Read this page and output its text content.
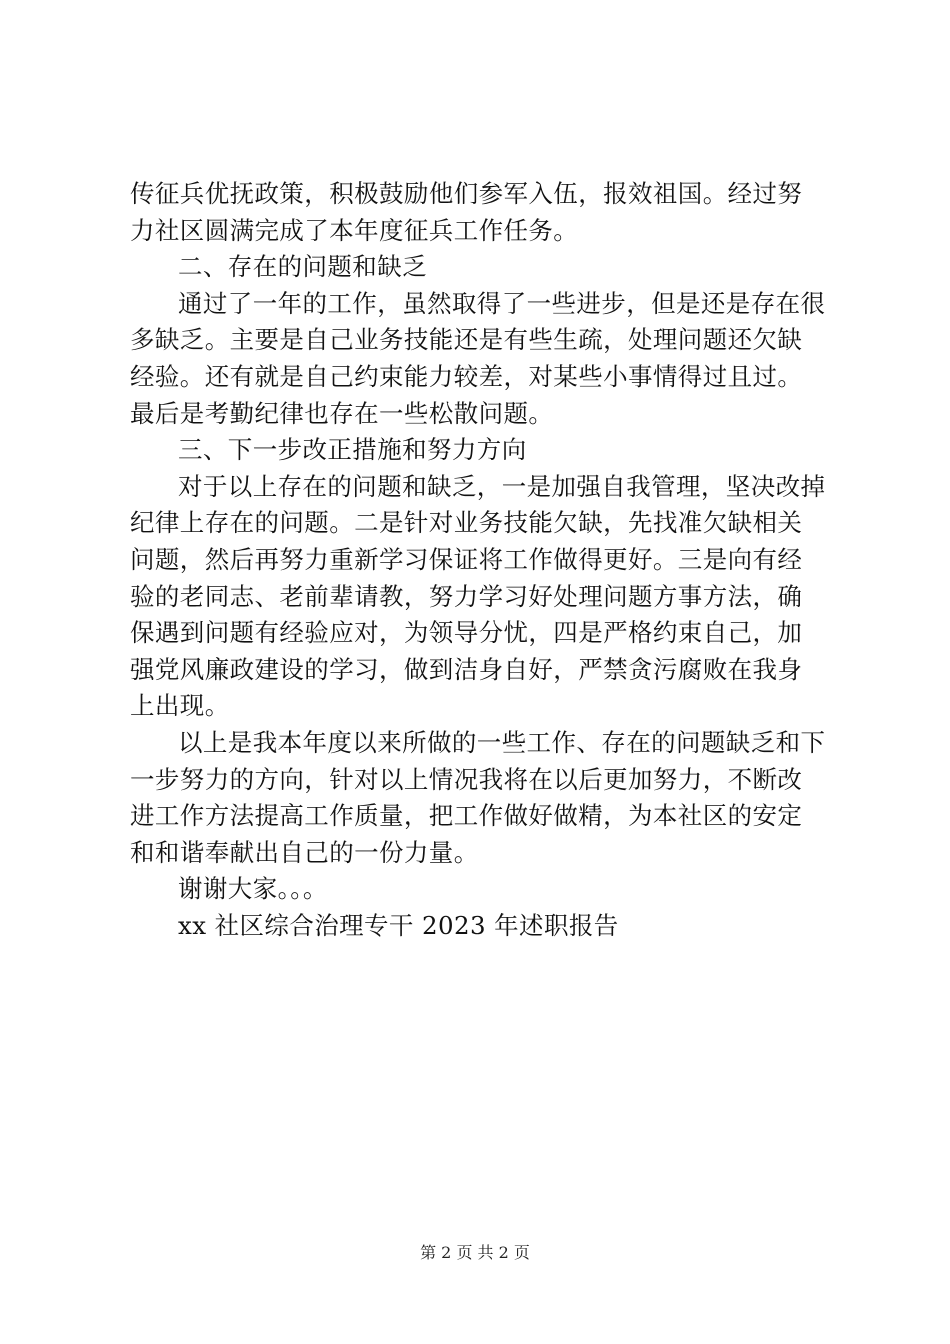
传征兵优抚政策，积极鼓励他们参军入伍，报效祖国。经过努
力社区圆满完成了本年度征兵工作任务。
二、存在的问题和缺乏
通过了一年的工作，虽然取得了一些进步，但是还是存在很
多缺乏。主要是自己业务技能还是有些生疏，处理问题还欠缺
经验。还有就是自己约束能力较差，对某些小事情得过且过。
最后是考勤纪律也存在一些松散问题。
三、下一步改正措施和努力方向
对于以上存在的问题和缺乏，一是加强自我管理，坚决改掉
纪律上存在的问题。二是针对业务技能欠缺，先找准欠缺相关
问题，然后再努力重新学习保证将工作做得更好。三是向有经
验的老同志、老前辈请教，努力学习好处理问题方事方法，确
保遇到问题有经验应对，为领导分忧，四是严格约束自己，加
强党风廉政建设的学习，做到洁身自好，严禁贪污腐败在我身
上出现。
以上是我本年度以来所做的一些工作、存在的问题缺乏和下
一步努力的方向，针对以上情况我将在以后更加努力，不断改
进工作方法提高工作质量，把工作做好做精，为本社区的安定
和和谐奉献出自己的一份力量。
谢谢大家。。。
xx 社区综合治理专干 2023 年述职报告
第 2 页 共 2 页
